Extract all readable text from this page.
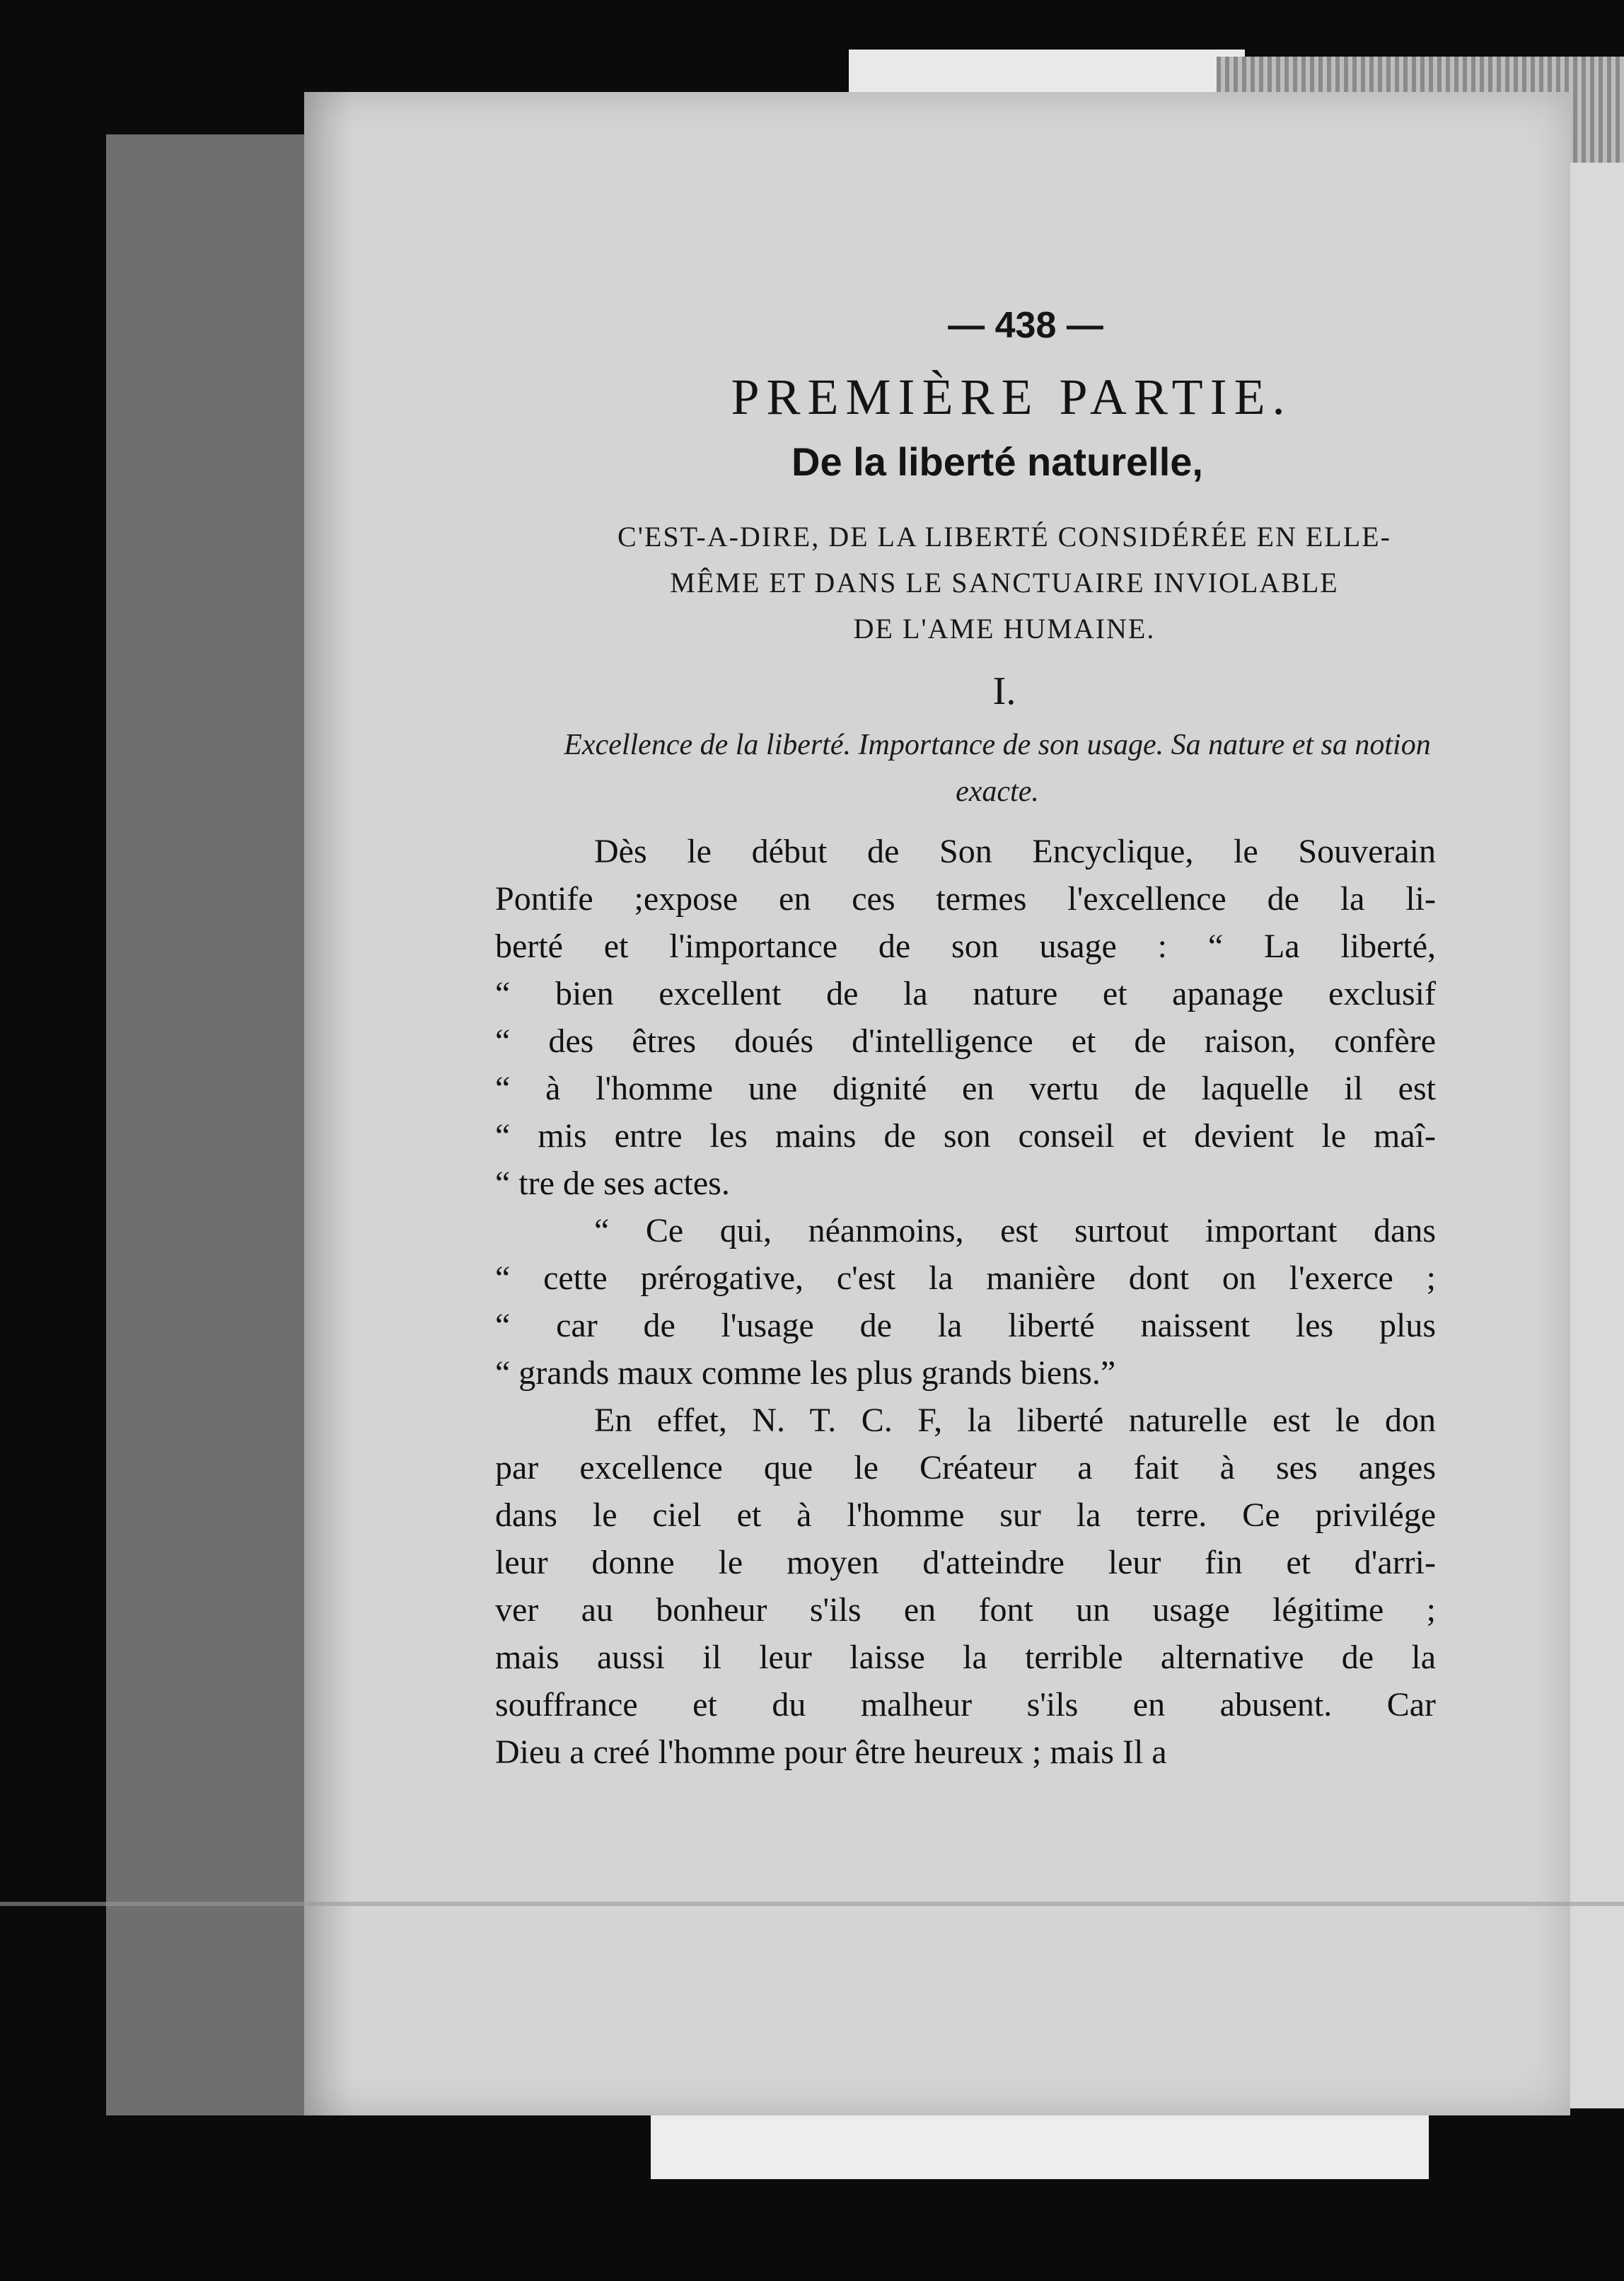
— 438 —
PREMIÈRE PARTIE.
De la liberté naturelle,
C'EST-A-DIRE, DE LA LIBERTÉ CONSIDÉRÉE EN ELLE-
MÊME ET DANS LE SANCTUAIRE INVIOLABLE
DE L'AME HUMAINE.
I.
Excellence de la liberté. Importance de son usage. Sa nature et sa notion exacte.

Dès le début de Son Encyclique, le Souverain
Pontife ;expose en ces termes l'excellence de la li-
berté et l'importance de son usage : “ La liberté,
“ bien excellent de la nature et apanage exclusif
“ des êtres doués d'intelligence et de raison, confère
“ à l'homme une dignité en vertu de laquelle il est
“ mis entre les mains de son conseil et devient le maî-
“ tre de ses actes.

“ Ce qui, néanmoins, est surtout important dans
“ cette prérogative, c'est la manière dont on l'exerce ;
“ car de l'usage de la liberté naissent les plus
“ grands maux comme les plus grands biens.”

En effet, N. T. C. F, la liberté naturelle est le don
par excellence que le Créateur a fait à ses anges
dans le ciel et à l'homme sur la terre. Ce privilége
leur donne le moyen d'atteindre leur fin et d'arri-
ver au bonheur s'ils en font un usage légitime ;
mais aussi il leur laisse la terrible alternative de la
souffrance et du malheur s'ils en abusent. Car
Dieu a creé l'homme pour être heureux ; mais Il a
